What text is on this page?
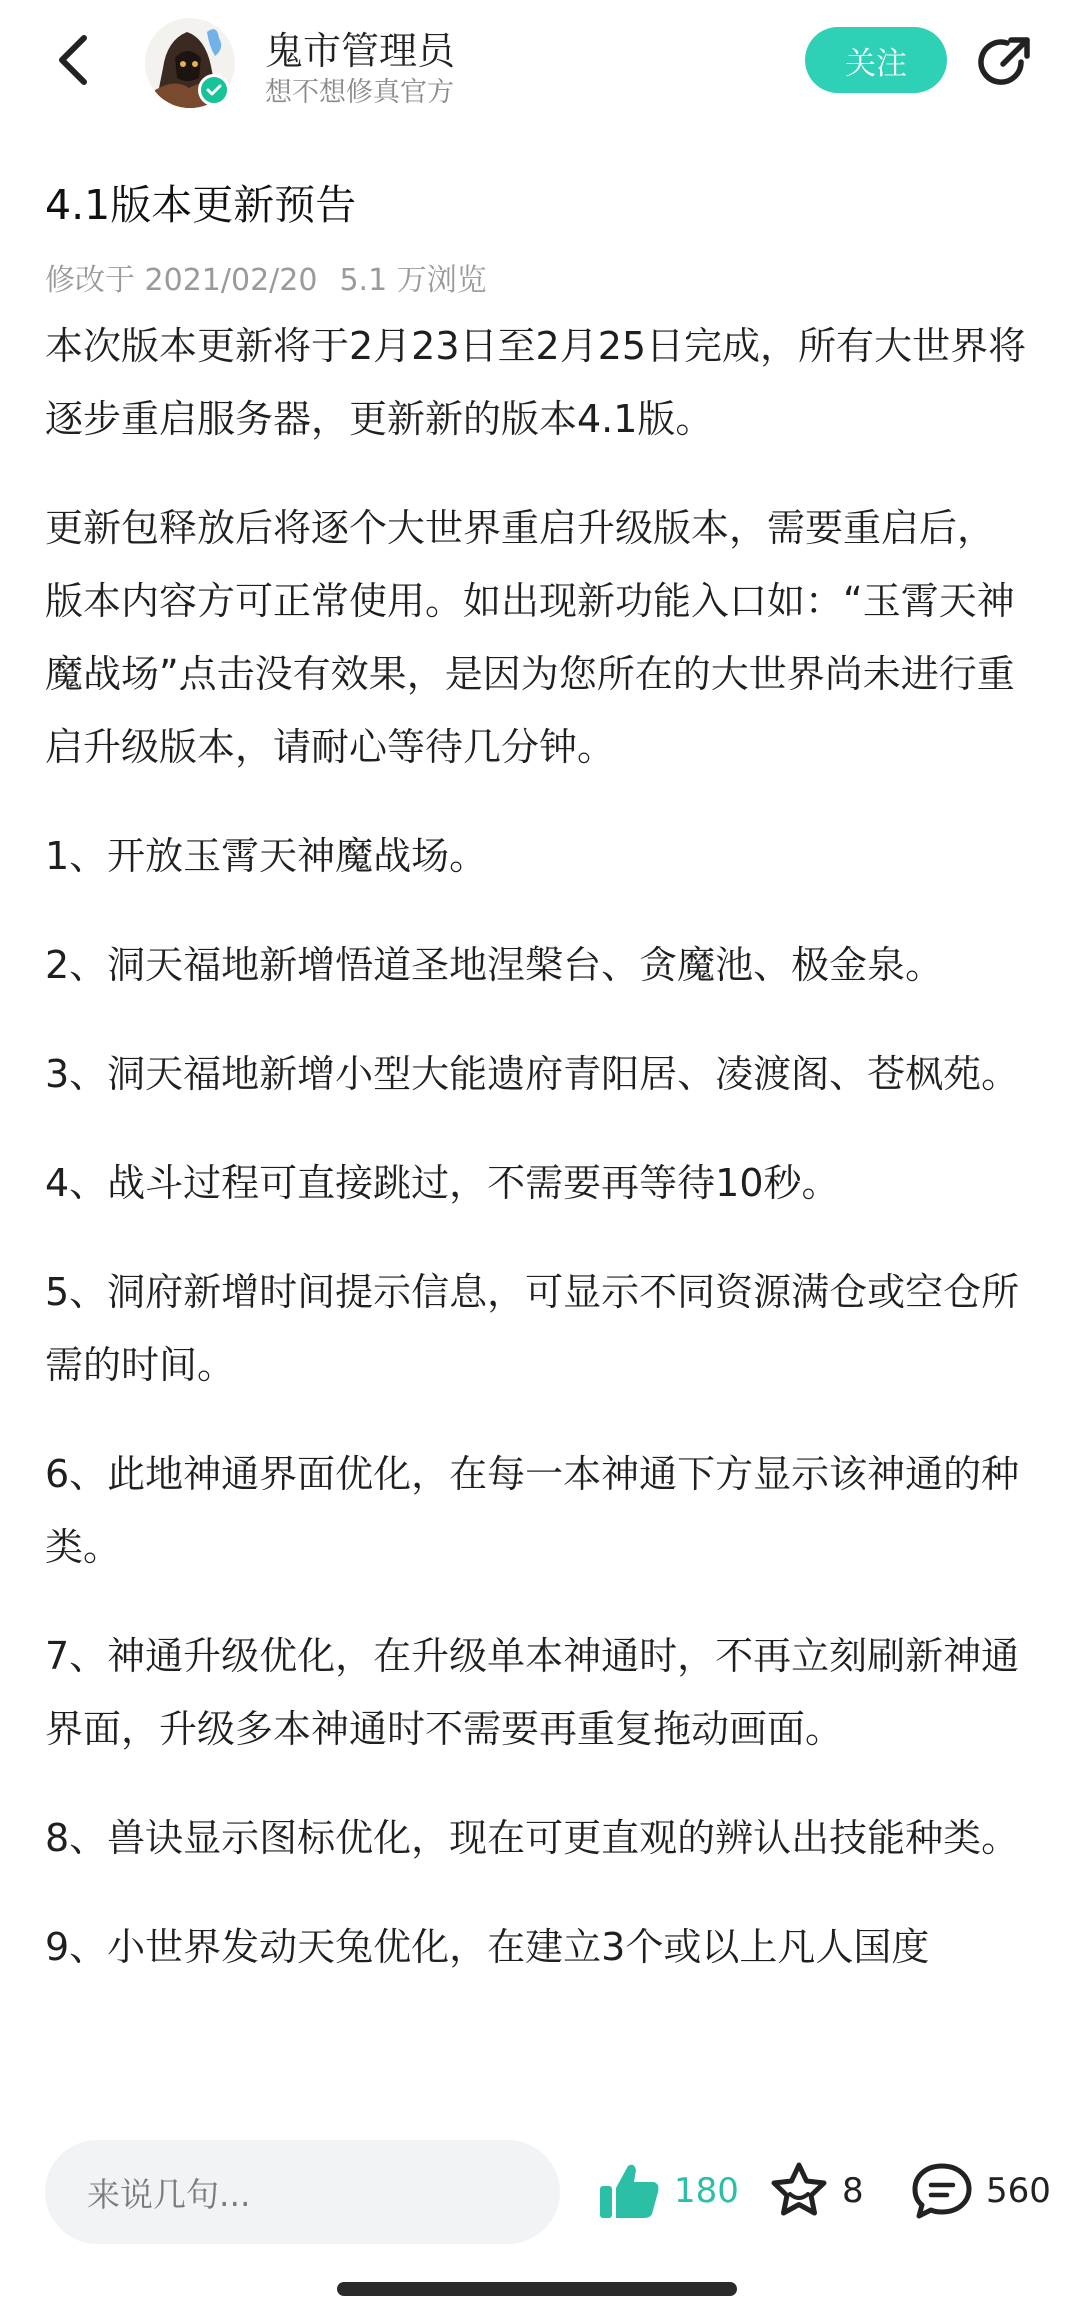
鬼市管理员
想不想修真官方
关注
4.1版本更新预告
修改于 2021/02/20 5.1 万浏览

本次版本更新将于2月23日至2月25日完成，所有大世界将逐步重启服务器，更新新的版本4.1版。

更新包释放后将逐个大世界重启升级版本，需要重启后，版本内容方可正常使用。如出现新功能入口如：“玉霄天神魔战场”点击没有效果，是因为您所在的大世界尚未进行重启升级版本，请耐心等待几分钟。

1、开放玉霄天神魔战场。

2、洞天福地新增悟道圣地涅槃台、贪魔池、极金泉。

3、洞天福地新增小型大能遗府青阳居、凌渡阁、苍枫苑。

4、战斗过程可直接跳过，不需要再等待10秒。

5、洞府新增时间提示信息，可显示不同资源满仓或空仓所需的时间。

6、此地神通界面优化，在每一本神通下方显示该神通的种类。

7、神通升级优化，在升级单本神通时，不再立刻刷新神通界面，升级多本神通时不需要再重复拖动画面。

8、兽诀显示图标优化，现在可更直观的辨认出技能种类。

9、小世界发动天兔优化，在建立3个或以上凡人国度

来说几句...	180	8	560
